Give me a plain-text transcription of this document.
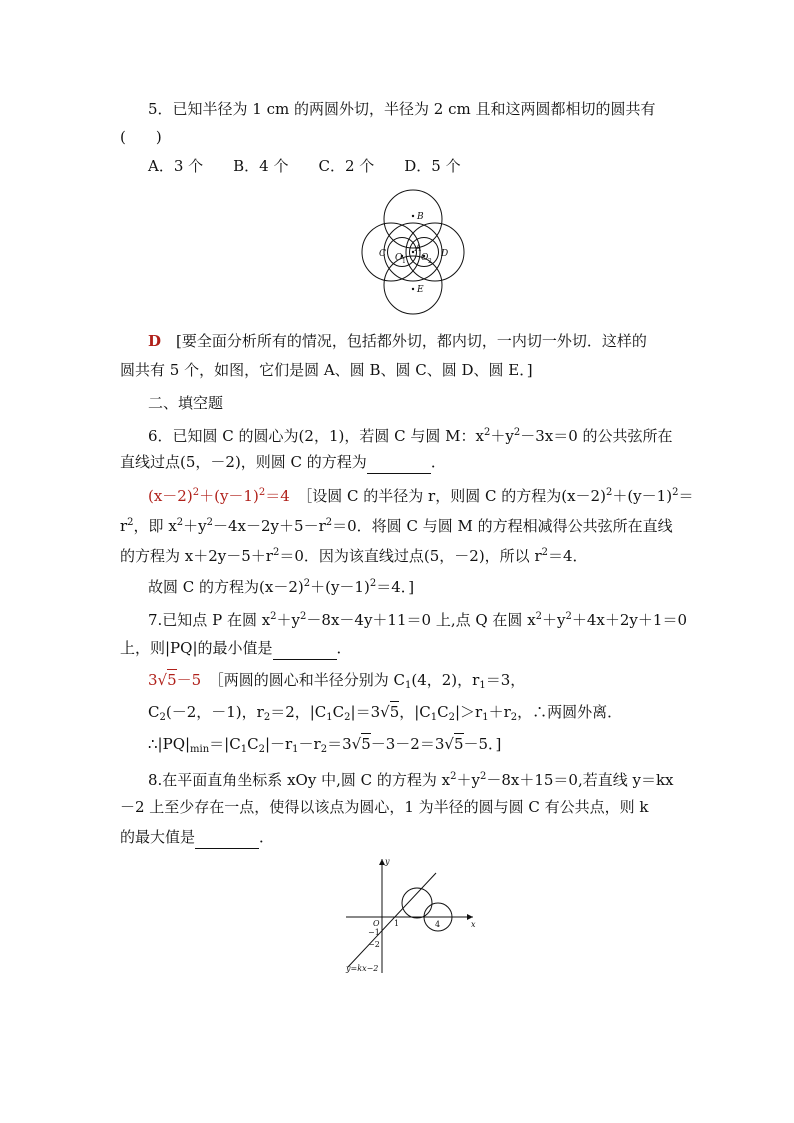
5．已知半径为 1 cm 的两圆外切，半径为 2 cm 且和这两圆都相切的圆共有
(　　)
A．3 个　　B．4 个　　C．2 个　　D．5 个
B
E
C	D
A
O O
1	2
D　 [要全面分析所有的情况，包括都外切，都内切，一内切一外切．这样的
圆共有 5 个，如图，它们是圆 A、圆 B、圆 C、圆 D、圆 E．]
二、填空题
6．已知圆 C 的圆心为(2，1)，若圆 C 与圆 M：$x^2+y^2-3x=0$ 的公共弦所在
直线过点(5，－2)，则圆 C 的方程为	．
$(x-2)^2+(y-1)^2=4$　 ［设圆 C 的半径为 r，则圆 C 的方程为$(x-2)^2+(y-1)^2=$
$r^2$，即 $x^2+y^2-4x-2y+5-r^2=0$．将圆 C 与圆 M 的方程相减得公共弦所在直线
的方程为 $x+2y-5+r^2=0$．因为该直线过点(5，－2)，所以 $r^2=4$．
故圆 C 的方程为$(x-2)^2+(y-1)^2=4$．]
7.已知点 P 在圆 $x^2+y^2-8x-4y+11=0$ 上,点 Q 在圆 $x^2+y^2+4x+2y+1=0$
上，则|PQ|的最小值是	．
3√5－5　 ［两圆的圆心和半径分别为 $C_1(4$，2)，$r_1=3$，
$C_2(-2$，－1)，$r_2=2$，$|C_1C_2|=3√5$，$|C_1C_2|>r_1+r_2$，∴两圆外离．
$\therefore|PQ|_{min}=|C_1C_2|-r_1-r_2=3√5-3-2=3√5-5$．]
8.在平面直角坐标系 xOy 中,圆 C 的方程为 $x^2+y^2-8x+15=0$,若直线 y＝kx
－2 上至少存在一点，使得以该点为圆心，1 为半径的圆与圆 C 有公共点，则 k
的最大值是	．
y
x
O 1	4
−1
−2
y=kx−2
